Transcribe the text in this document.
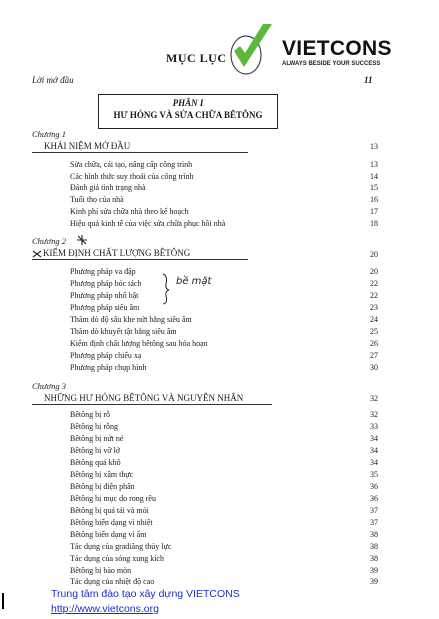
MỤC LỤC	VIETCONS
ALWAYS BESIDE YOUR SUCCESS
Lời mở đầu	11
PHẦN I
HƯ HỎNG VÀ SỬA CHỮA BÊTÔNG
Chương 1
KHÁI NIỆM MỞ ĐẦU	13
Sửa chữa, cải tạo, nâng cấp công trình	13
Các hình thức suy thoái của công trình	14
Đánh giá tình trạng nhà	15
Tuổi thọ của nhà	16
Kinh phí sửa chữa nhà theo kế hoạch	17
Hiệu quả kinh tế của việc sửa chữa phục hồi nhà	18
Chương 2
KIỂM ĐỊNH CHẤT LƯỢNG BÊTÔNG	20
Phương pháp va đập	20
Phương pháp bóc tách	22
Phương pháp nhổ bật	22
Phương pháp siêu âm	23
Thăm dò độ sâu khe nứt bằng siêu âm	24
Thăm dò khuyết tật bằng siêu âm	25
Kiểm định chất lượng bêtông sau hỏa hoạn	26
Phương pháp chiếu xạ	27
Phương pháp chụp hình	30
bề mặt
Chương 3
NHỮNG HƯ HỎNG BÊTÔNG VÀ NGUYÊN NHÂN	32
Bêtông bị rỗ	32
Bêtông bị rỗng	33
Bêtông bị nứt nẻ	34
Bêtông bị vỡ lở	34
Bêtông quá khô	34
Bêtông bị xâm thực	35
Bêtông bị điện phân	36
Bêtông bị mục do rong rêu	36
Bêtông bị quá tải và mỏi	37
Bêtông biến dạng vì nhiệt	37
Bêtông biến dạng vì ẩm	38
Tác dụng của gradiăng thủy lực	38
Tác dụng của sóng xung kích	38
Bêtông bị bào mòn	39
Tác dụng của nhiệt độ cao	39
Trung tâm đào tạo xây dựng VIETCONS
http://www.vietcons.org
